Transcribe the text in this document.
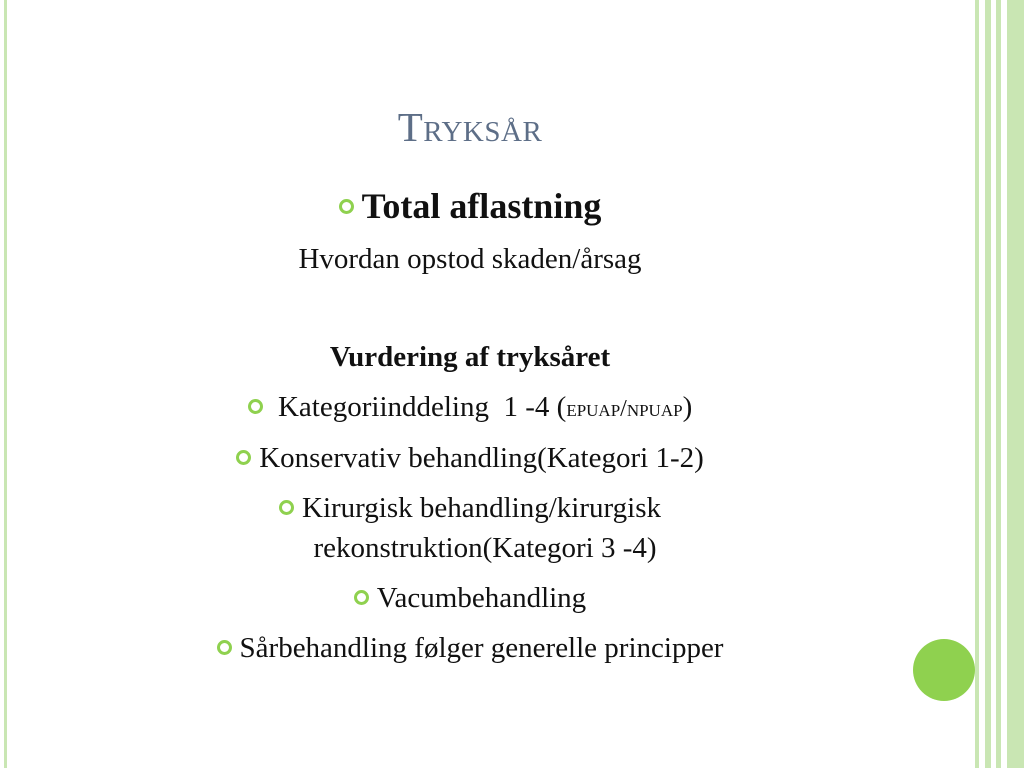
Tryksår
Total aflastning
Hvordan opstod skaden/årsag
Vurdering af tryksåret
Kategoriinddeling  1 -4 (epuap/npuap)
Konservativ behandling(Kategori 1-2)
Kirurgisk behandling/kirurgisk
rekonstruktion(Kategori 3 -4)
Vacumbehandling
Sårbehandling følger generelle principper
